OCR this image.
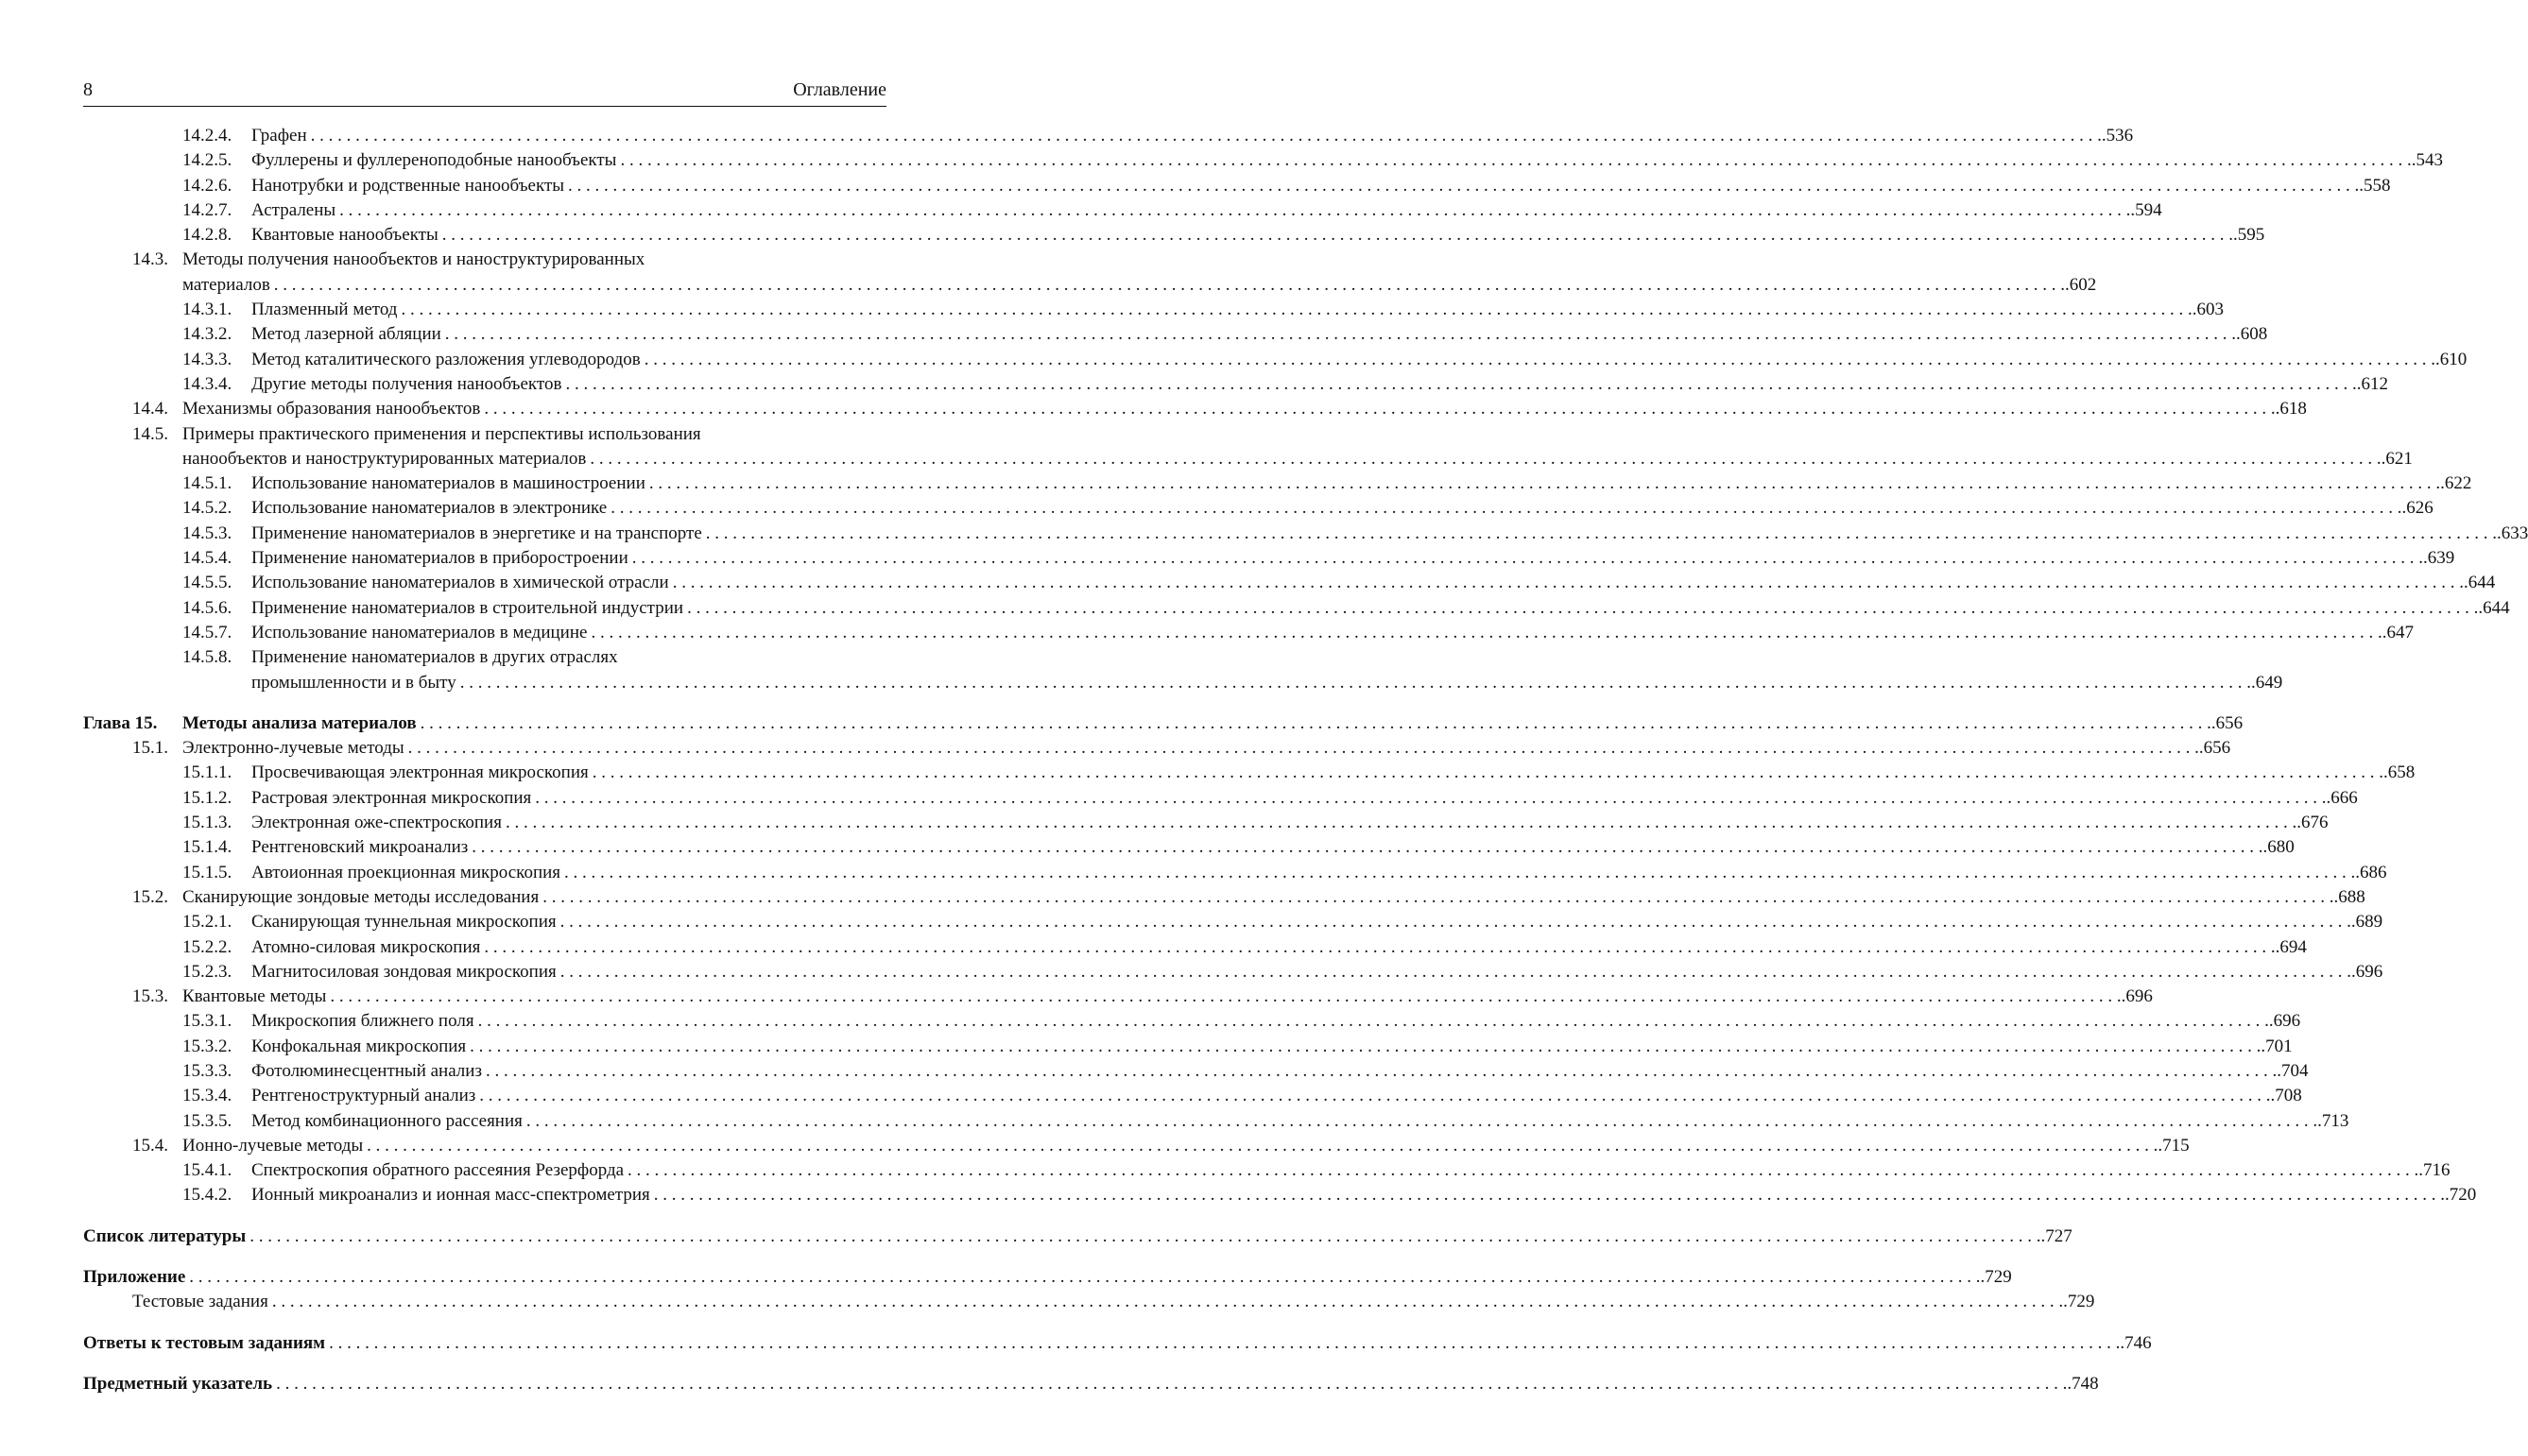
8	Оглавление
14.2.4.	Графен . . . . . . . . . . . . . . . . . . . . . . . . . . . . . . . . . . . . . . . . . . . . . . . . . . . . . . . . . . . . . . . . . . . . . . . . . . . . . . . . . . . . . . . . . . . . . . . . . . . . . . . . . . . . . . . . . . . . . . . . . . . . . . . . . . . . . . . . . . . . . . . . . . . . . . . . . . . . . . . . . . . . . . . . . . . . . . . . . . . . . . . . . . . . . . . . . . . . . . . . .536
14.2.5.	Фуллерены и фуллереноподобные нанообъекты . . . . . . . . . . . . . . . . . . . . . . . . . . . . . . . . . . . . . . . . . . . . . . . . . . . . . . . . . . . . . . . . . . . . . . . . . . . . . . . . . . . . . . . . . . . . . . . . . . . . . . . . . . . . . . . . . . . . . . . . . . . . . . . . . . . . . . . . . . . . . . . . . . . . . . . . . . . . . . . . . . . . . . . . . . . . . . . . . . . . . . . . . . . . . . . . . . . . . . . . .543
14.2.6.	Нанотрубки и родственные нанообъекты . . . . . . . . . . . . . . . . . . . . . . . . . . . . . . . . . . . . . . . . . . . . . . . . . . . . . . . . . . . . . . . . . . . . . . . . . . . . . . . . . . . . . . . . . . . . . . . . . . . . . . . . . . . . . . . . . . . . . . . . . . . . . . . . . . . . . . . . . . . . . . . . . . . . . . . . . . . . . . . . . . . . . . . . . . . . . . . . . . . . . . . . . . . . . . . . . . . . . . . . .558
14.2.7.	Астралены . . . . . . . . . . . . . . . . . . . . . . . . . . . . . . . . . . . . . . . . . . . . . . . . . . . . . . . . . . . . . . . . . . . . . . . . . . . . . . . . . . . . . . . . . . . . . . . . . . . . . . . . . . . . . . . . . . . . . . . . . . . . . . . . . . . . . . . . . . . . . . . . . . . . . . . . . . . . . . . . . . . . . . . . . . . . . . . . . . . . . . . . . . . . . . . . . . . . . . . . .594
14.2.8.	Квантовые нанообъекты . . . . . . . . . . . . . . . . . . . . . . . . . . . . . . . . . . . . . . . . . . . . . . . . . . . . . . . . . . . . . . . . . . . . . . . . . . . . . . . . . . . . . . . . . . . . . . . . . . . . . . . . . . . . . . . . . . . . . . . . . . . . . . . . . . . . . . . . . . . . . . . . . . . . . . . . . . . . . . . . . . . . . . . . . . . . . . . . . . . . . . . . . . . . . . . . . . . . . . . . .595
14.3. Методы получения нанообъектов и наноструктурированных
материалов . . . . . . . . . . . . . . . . . . . . . . . . . . . . . . . . . . . . . . . . . . . . . . . . . . . . . . . . . . . . . . . . . . . . . . . . . . . . . . . . . . . . . . . . . . . . . . . . . . . . . . . . . . . . . . . . . . . . . . . . . . . . . . . . . . . . . . . . . . . . . . . . . . . . . . . . . . . . . . . . . . . . . . . . . . . . . . . . . . . . . . . . . . . . . . . . . . . . . . . . .602
14.3.1.	Плазменный метод . . . . . . . . . . . . . . . . . . . . . . . . . . . . . . . . . . . . . . . . . . . . . . . . . . . . . . . . . . . . . . . . . . . . . . . . . . . . . . . . . . . . . . . . . . . . . . . . . . . . . . . . . . . . . . . . . . . . . . . . . . . . . . . . . . . . . . . . . . . . . . . . . . . . . . . . . . . . . . . . . . . . . . . . . . . . . . . . . . . . . . . . . . . . . . . . . . . . . . . . .603
14.3.2.	Метод лазерной абляции . . . . . . . . . . . . . . . . . . . . . . . . . . . . . . . . . . . . . . . . . . . . . . . . . . . . . . . . . . . . . . . . . . . . . . . . . . . . . . . . . . . . . . . . . . . . . . . . . . . . . . . . . . . . . . . . . . . . . . . . . . . . . . . . . . . . . . . . . . . . . . . . . . . . . . . . . . . . . . . . . . . . . . . . . . . . . . . . . . . . . . . . . . . . . . . . . . . . . . . . .608
14.3.3.	Метод каталитического разложения углеводородов . . . . . . . . . . . . . . . . . . . . . . . . . . . . . . . . . . . . . . . . . . . . . . . . . . . . . . . . . . . . . . . . . . . . . . . . . . . . . . . . . . . . . . . . . . . . . . . . . . . . . . . . . . . . . . . . . . . . . . . . . . . . . . . . . . . . . . . . . . . . . . . . . . . . . . . . . . . . . . . . . . . . . . . . . . . . . . . . . . . . . . . . . . . . . . . . . . . . . . . . .610
14.3.4.	Другие методы получения нанообъектов . . . . . . . . . . . . . . . . . . . . . . . . . . . . . . . . . . . . . . . . . . . . . . . . . . . . . . . . . . . . . . . . . . . . . . . . . . . . . . . . . . . . . . . . . . . . . . . . . . . . . . . . . . . . . . . . . . . . . . . . . . . . . . . . . . . . . . . . . . . . . . . . . . . . . . . . . . . . . . . . . . . . . . . . . . . . . . . . . . . . . . . . . . . . . . . . . . . . . . . . .612
14.4. Механизмы образования нанообъектов . . . . . . . . . . . . . . . . . . . . . . . . . . . . . . . . . . . . . . . . . . . . . . . . . . . . . . . . . . . . . . . . . . . . . . . . . . . . . . . . . . . . . . . . . . . . . . . . . . . . . . . . . . . . . . . . . . . . . . . . . . . . . . . . . . . . . . . . . . . . . . . . . . . . . . . . . . . . . . . . . . . . . . . . . . . . . . . . . . . . . . . . . . . . . . . . . . . . . . . . .618
14.5. Примеры практического применения и перспективы использования
нанообъектов и наноструктурированных материалов . . . . . . . . . . . . . . . . . . . . . . . . . . . . . . . . . . . . . . . . . . . . . . . . . . . . . . . . . . . . . . . . . . . . . . . . . . . . . . . . . . . . . . . . . . . . . . . . . . . . . . . . . . . . . . . . . . . . . . . . . . . . . . . . . . . . . . . . . . . . . . . . . . . . . . . . . . . . . . . . . . . . . . . . . . . . . . . . . . . . . . . . . . . . . . . . . . . . . . . . .621
14.5.1.	Использование наноматериалов в машиностроении . . . . . . . . . . . . . . . . . . . . . . . . . . . . . . . . . . . . . . . . . . . . . . . . . . . . . . . . . . . . . . . . . . . . . . . . . . . . . . . . . . . . . . . . . . . . . . . . . . . . . . . . . . . . . . . . . . . . . . . . . . . . . . . . . . . . . . . . . . . . . . . . . . . . . . . . . . . . . . . . . . . . . . . . . . . . . . . . . . . . . . . . . . . . . . . . . . . . . . . . .622
14.5.2.	Использование наноматериалов в электронике . . . . . . . . . . . . . . . . . . . . . . . . . . . . . . . . . . . . . . . . . . . . . . . . . . . . . . . . . . . . . . . . . . . . . . . . . . . . . . . . . . . . . . . . . . . . . . . . . . . . . . . . . . . . . . . . . . . . . . . . . . . . . . . . . . . . . . . . . . . . . . . . . . . . . . . . . . . . . . . . . . . . . . . . . . . . . . . . . . . . . . . . . . . . . . . . . . . . . . . . .626
14.5.3.	Применение наноматериалов в энергетике и на транспорте . . . . . . . . . . . . . . . . . . . . . . . . . . . . . . . . . . . . . . . . . . . . . . . . . . . . . . . . . . . . . . . . . . . . . . . . . . . . . . . . . . . . . . . . . . . . . . . . . . . . . . . . . . . . . . . . . . . . . . . . . . . . . . . . . . . . . . . . . . . . . . . . . . . . . . . . . . . . . . . . . . . . . . . . . . . . . . . . . . . . . . . . . . . . . . . . . . . . . . . . .633
14.5.4.	Применение наноматериалов в приборостроении . . . . . . . . . . . . . . . . . . . . . . . . . . . . . . . . . . . . . . . . . . . . . . . . . . . . . . . . . . . . . . . . . . . . . . . . . . . . . . . . . . . . . . . . . . . . . . . . . . . . . . . . . . . . . . . . . . . . . . . . . . . . . . . . . . . . . . . . . . . . . . . . . . . . . . . . . . . . . . . . . . . . . . . . . . . . . . . . . . . . . . . . . . . . . . . . . . . . . . . . .639
14.5.5.	Использование наноматериалов в химической отрасли . . . . . . . . . . . . . . . . . . . . . . . . . . . . . . . . . . . . . . . . . . . . . . . . . . . . . . . . . . . . . . . . . . . . . . . . . . . . . . . . . . . . . . . . . . . . . . . . . . . . . . . . . . . . . . . . . . . . . . . . . . . . . . . . . . . . . . . . . . . . . . . . . . . . . . . . . . . . . . . . . . . . . . . . . . . . . . . . . . . . . . . . . . . . . . . . . . . . . . . . .644
14.5.6.	Применение наноматериалов в строительной индустрии . . . . . . . . . . . . . . . . . . . . . . . . . . . . . . . . . . . . . . . . . . . . . . . . . . . . . . . . . . . . . . . . . . . . . . . . . . . . . . . . . . . . . . . . . . . . . . . . . . . . . . . . . . . . . . . . . . . . . . . . . . . . . . . . . . . . . . . . . . . . . . . . . . . . . . . . . . . . . . . . . . . . . . . . . . . . . . . . . . . . . . . . . . . . . . . . . . . . . . . . .644
14.5.7.	Использование наноматериалов в медицине . . . . . . . . . . . . . . . . . . . . . . . . . . . . . . . . . . . . . . . . . . . . . . . . . . . . . . . . . . . . . . . . . . . . . . . . . . . . . . . . . . . . . . . . . . . . . . . . . . . . . . . . . . . . . . . . . . . . . . . . . . . . . . . . . . . . . . . . . . . . . . . . . . . . . . . . . . . . . . . . . . . . . . . . . . . . . . . . . . . . . . . . . . . . . . . . . . . . . . . . .647
14.5.8.	Применение наноматериалов в других отраслях
промышленности и в быту . . . . . . . . . . . . . . . . . . . . . . . . . . . . . . . . . . . . . . . . . . . . . . . . . . . . . . . . . . . . . . . . . . . . . . . . . . . . . . . . . . . . . . . . . . . . . . . . . . . . . . . . . . . . . . . . . . . . . . . . . . . . . . . . . . . . . . . . . . . . . . . . . . . . . . . . . . . . . . . . . . . . . . . . . . . . . . . . . . . . . . . . . . . . . . . . . . . . . . . . .649
Глава 15.	Методы анализа материалов . . . . . . . . . . . . . . . . . . . . . . . . . . . . . . . . . . . . . . . . . . . . . . . . . . . . . . . . . . . . . . . . . . . . . . . . . . . . . . . . . . . . . . . . . . . . . . . . . . . . . . . . . . . . . . . . . . . . . . . . . . . . . . . . . . . . . . . . . . . . . . . . . . . . . . . . . . . . . . . . . . . . . . . . . . . . . . . . . . . . . . . . . . . . . . . . . . . . . . . . .656
15.1. Электронно-лучевые методы . . . . . . . . . . . . . . . . . . . . . . . . . . . . . . . . . . . . . . . . . . . . . . . . . . . . . . . . . . . . . . . . . . . . . . . . . . . . . . . . . . . . . . . . . . . . . . . . . . . . . . . . . . . . . . . . . . . . . . . . . . . . . . . . . . . . . . . . . . . . . . . . . . . . . . . . . . . . . . . . . . . . . . . . . . . . . . . . . . . . . . . . . . . . . . . . . . . . . . . . .656
15.1.1.	Просвечивающая электронная микроскопия . . . . . . . . . . . . . . . . . . . . . . . . . . . . . . . . . . . . . . . . . . . . . . . . . . . . . . . . . . . . . . . . . . . . . . . . . . . . . . . . . . . . . . . . . . . . . . . . . . . . . . . . . . . . . . . . . . . . . . . . . . . . . . . . . . . . . . . . . . . . . . . . . . . . . . . . . . . . . . . . . . . . . . . . . . . . . . . . . . . . . . . . . . . . . . . . . . . . . . . . .658
15.1.2.	Растровая электронная микроскопия . . . . . . . . . . . . . . . . . . . . . . . . . . . . . . . . . . . . . . . . . . . . . . . . . . . . . . . . . . . . . . . . . . . . . . . . . . . . . . . . . . . . . . . . . . . . . . . . . . . . . . . . . . . . . . . . . . . . . . . . . . . . . . . . . . . . . . . . . . . . . . . . . . . . . . . . . . . . . . . . . . . . . . . . . . . . . . . . . . . . . . . . . . . . . . . . . . . . . . . . .666
15.1.3.	Электронная оже-спектроскопия . . . . . . . . . . . . . . . . . . . . . . . . . . . . . . . . . . . . . . . . . . . . . . . . . . . . . . . . . . . . . . . . . . . . . . . . . . . . . . . . . . . . . . . . . . . . . . . . . . . . . . . . . . . . . . . . . . . . . . . . . . . . . . . . . . . . . . . . . . . . . . . . . . . . . . . . . . . . . . . . . . . . . . . . . . . . . . . . . . . . . . . . . . . . . . . . . . . . . . . . .676
15.1.4.	Рентгеновский микроанализ . . . . . . . . . . . . . . . . . . . . . . . . . . . . . . . . . . . . . . . . . . . . . . . . . . . . . . . . . . . . . . . . . . . . . . . . . . . . . . . . . . . . . . . . . . . . . . . . . . . . . . . . . . . . . . . . . . . . . . . . . . . . . . . . . . . . . . . . . . . . . . . . . . . . . . . . . . . . . . . . . . . . . . . . . . . . . . . . . . . . . . . . . . . . . . . . . . . . . . . . .680
15.1.5.	Автоионная проекционная микроскопия . . . . . . . . . . . . . . . . . . . . . . . . . . . . . . . . . . . . . . . . . . . . . . . . . . . . . . . . . . . . . . . . . . . . . . . . . . . . . . . . . . . . . . . . . . . . . . . . . . . . . . . . . . . . . . . . . . . . . . . . . . . . . . . . . . . . . . . . . . . . . . . . . . . . . . . . . . . . . . . . . . . . . . . . . . . . . . . . . . . . . . . . . . . . . . . . . . . . . . . . .686
15.2. Сканирующие зондовые методы исследования . . . . . . . . . . . . . . . . . . . . . . . . . . . . . . . . . . . . . . . . . . . . . . . . . . . . . . . . . . . . . . . . . . . . . . . . . . . . . . . . . . . . . . . . . . . . . . . . . . . . . . . . . . . . . . . . . . . . . . . . . . . . . . . . . . . . . . . . . . . . . . . . . . . . . . . . . . . . . . . . . . . . . . . . . . . . . . . . . . . . . . . . . . . . . . . . . . . . . . . . .688
15.2.1.	Сканирующая туннельная микроскопия . . . . . . . . . . . . . . . . . . . . . . . . . . . . . . . . . . . . . . . . . . . . . . . . . . . . . . . . . . . . . . . . . . . . . . . . . . . . . . . . . . . . . . . . . . . . . . . . . . . . . . . . . . . . . . . . . . . . . . . . . . . . . . . . . . . . . . . . . . . . . . . . . . . . . . . . . . . . . . . . . . . . . . . . . . . . . . . . . . . . . . . . . . . . . . . . . . . . . . . . .689
15.2.2.	Атомно-силовая микроскопия . . . . . . . . . . . . . . . . . . . . . . . . . . . . . . . . . . . . . . . . . . . . . . . . . . . . . . . . . . . . . . . . . . . . . . . . . . . . . . . . . . . . . . . . . . . . . . . . . . . . . . . . . . . . . . . . . . . . . . . . . . . . . . . . . . . . . . . . . . . . . . . . . . . . . . . . . . . . . . . . . . . . . . . . . . . . . . . . . . . . . . . . . . . . . . . . . . . . . . . . .694
15.2.3.	Магнитосиловая зондовая микроскопия . . . . . . . . . . . . . . . . . . . . . . . . . . . . . . . . . . . . . . . . . . . . . . . . . . . . . . . . . . . . . . . . . . . . . . . . . . . . . . . . . . . . . . . . . . . . . . . . . . . . . . . . . . . . . . . . . . . . . . . . . . . . . . . . . . . . . . . . . . . . . . . . . . . . . . . . . . . . . . . . . . . . . . . . . . . . . . . . . . . . . . . . . . . . . . . . . . . . . . . . .696
15.3. Квантовые методы . . . . . . . . . . . . . . . . . . . . . . . . . . . . . . . . . . . . . . . . . . . . . . . . . . . . . . . . . . . . . . . . . . . . . . . . . . . . . . . . . . . . . . . . . . . . . . . . . . . . . . . . . . . . . . . . . . . . . . . . . . . . . . . . . . . . . . . . . . . . . . . . . . . . . . . . . . . . . . . . . . . . . . . . . . . . . . . . . . . . . . . . . . . . . . . . . . . . . . . . .696
15.3.1.	Микроскопия ближнего поля . . . . . . . . . . . . . . . . . . . . . . . . . . . . . . . . . . . . . . . . . . . . . . . . . . . . . . . . . . . . . . . . . . . . . . . . . . . . . . . . . . . . . . . . . . . . . . . . . . . . . . . . . . . . . . . . . . . . . . . . . . . . . . . . . . . . . . . . . . . . . . . . . . . . . . . . . . . . . . . . . . . . . . . . . . . . . . . . . . . . . . . . . . . . . . . . . . . . . . . . .696
15.3.2.	Конфокальная микроскопия . . . . . . . . . . . . . . . . . . . . . . . . . . . . . . . . . . . . . . . . . . . . . . . . . . . . . . . . . . . . . . . . . . . . . . . . . . . . . . . . . . . . . . . . . . . . . . . . . . . . . . . . . . . . . . . . . . . . . . . . . . . . . . . . . . . . . . . . . . . . . . . . . . . . . . . . . . . . . . . . . . . . . . . . . . . . . . . . . . . . . . . . . . . . . . . . . . . . . . . . .701
15.3.3.	Фотолюминесцентный анализ . . . . . . . . . . . . . . . . . . . . . . . . . . . . . . . . . . . . . . . . . . . . . . . . . . . . . . . . . . . . . . . . . . . . . . . . . . . . . . . . . . . . . . . . . . . . . . . . . . . . . . . . . . . . . . . . . . . . . . . . . . . . . . . . . . . . . . . . . . . . . . . . . . . . . . . . . . . . . . . . . . . . . . . . . . . . . . . . . . . . . . . . . . . . . . . . . . . . . . . . .704
15.3.4.	Рентгеноструктурный анализ . . . . . . . . . . . . . . . . . . . . . . . . . . . . . . . . . . . . . . . . . . . . . . . . . . . . . . . . . . . . . . . . . . . . . . . . . . . . . . . . . . . . . . . . . . . . . . . . . . . . . . . . . . . . . . . . . . . . . . . . . . . . . . . . . . . . . . . . . . . . . . . . . . . . . . . . . . . . . . . . . . . . . . . . . . . . . . . . . . . . . . . . . . . . . . . . . . . . . . . . .708
15.3.5.	Метод комбинационного рассеяния . . . . . . . . . . . . . . . . . . . . . . . . . . . . . . . . . . . . . . . . . . . . . . . . . . . . . . . . . . . . . . . . . . . . . . . . . . . . . . . . . . . . . . . . . . . . . . . . . . . . . . . . . . . . . . . . . . . . . . . . . . . . . . . . . . . . . . . . . . . . . . . . . . . . . . . . . . . . . . . . . . . . . . . . . . . . . . . . . . . . . . . . . . . . . . . . . . . . . . . . .713
15.4. Ионно-лучевые методы . . . . . . . . . . . . . . . . . . . . . . . . . . . . . . . . . . . . . . . . . . . . . . . . . . . . . . . . . . . . . . . . . . . . . . . . . . . . . . . . . . . . . . . . . . . . . . . . . . . . . . . . . . . . . . . . . . . . . . . . . . . . . . . . . . . . . . . . . . . . . . . . . . . . . . . . . . . . . . . . . . . . . . . . . . . . . . . . . . . . . . . . . . . . . . . . . . . . . . . . .715
15.4.1.	Спектроскопия обратного рассеяния Резерфорда . . . . . . . . . . . . . . . . . . . . . . . . . . . . . . . . . . . . . . . . . . . . . . . . . . . . . . . . . . . . . . . . . . . . . . . . . . . . . . . . . . . . . . . . . . . . . . . . . . . . . . . . . . . . . . . . . . . . . . . . . . . . . . . . . . . . . . . . . . . . . . . . . . . . . . . . . . . . . . . . . . . . . . . . . . . . . . . . . . . . . . . . . . . . . . . . . . . . . . . . .716
15.4.2.	Ионный микроанализ и ионная масс-спектрометрия . . . . . . . . . . . . . . . . . . . . . . . . . . . . . . . . . . . . . . . . . . . . . . . . . . . . . . . . . . . . . . . . . . . . . . . . . . . . . . . . . . . . . . . . . . . . . . . . . . . . . . . . . . . . . . . . . . . . . . . . . . . . . . . . . . . . . . . . . . . . . . . . . . . . . . . . . . . . . . . . . . . . . . . . . . . . . . . . . . . . . . . . . . . . . . . . . . . . . . . . .720
Список литературы . . . . . . . . . . . . . . . . . . . . . . . . . . . . . . . . . . . . . . . . . . . . . . . . . . . . . . . . . . . . . . . . . . . . . . . . . . . . . . . . . . . . . . . . . . . . . . . . . . . . . . . . . . . . . . . . . . . . . . . . . . . . . . . . . . . . . . . . . . . . . . . . . . . . . . . . . . . . . . . . . . . . . . . . . . . . . . . . . . . . . . . . . . . . . . . . . . . . . . . . .727
Приложение . . . . . . . . . . . . . . . . . . . . . . . . . . . . . . . . . . . . . . . . . . . . . . . . . . . . . . . . . . . . . . . . . . . . . . . . . . . . . . . . . . . . . . . . . . . . . . . . . . . . . . . . . . . . . . . . . . . . . . . . . . . . . . . . . . . . . . . . . . . . . . . . . . . . . . . . . . . . . . . . . . . . . . . . . . . . . . . . . . . . . . . . . . . . . . . . . . . . . . . . .729
Тестовые задания . . . . . . . . . . . . . . . . . . . . . . . . . . . . . . . . . . . . . . . . . . . . . . . . . . . . . . . . . . . . . . . . . . . . . . . . . . . . . . . . . . . . . . . . . . . . . . . . . . . . . . . . . . . . . . . . . . . . . . . . . . . . . . . . . . . . . . . . . . . . . . . . . . . . . . . . . . . . . . . . . . . . . . . . . . . . . . . . . . . . . . . . . . . . . . . . . . . . . . . . .729
Ответы к тестовым заданиям . . . . . . . . . . . . . . . . . . . . . . . . . . . . . . . . . . . . . . . . . . . . . . . . . . . . . . . . . . . . . . . . . . . . . . . . . . . . . . . . . . . . . . . . . . . . . . . . . . . . . . . . . . . . . . . . . . . . . . . . . . . . . . . . . . . . . . . . . . . . . . . . . . . . . . . . . . . . . . . . . . . . . . . . . . . . . . . . . . . . . . . . . . . . . . . . . . . . . . . . .746
Предметный указатель . . . . . . . . . . . . . . . . . . . . . . . . . . . . . . . . . . . . . . . . . . . . . . . . . . . . . . . . . . . . . . . . . . . . . . . . . . . . . . . . . . . . . . . . . . . . . . . . . . . . . . . . . . . . . . . . . . . . . . . . . . . . . . . . . . . . . . . . . . . . . . . . . . . . . . . . . . . . . . . . . . . . . . . . . . . . . . . . . . . . . . . . . . . . . . . . . . . . . . . . .748
